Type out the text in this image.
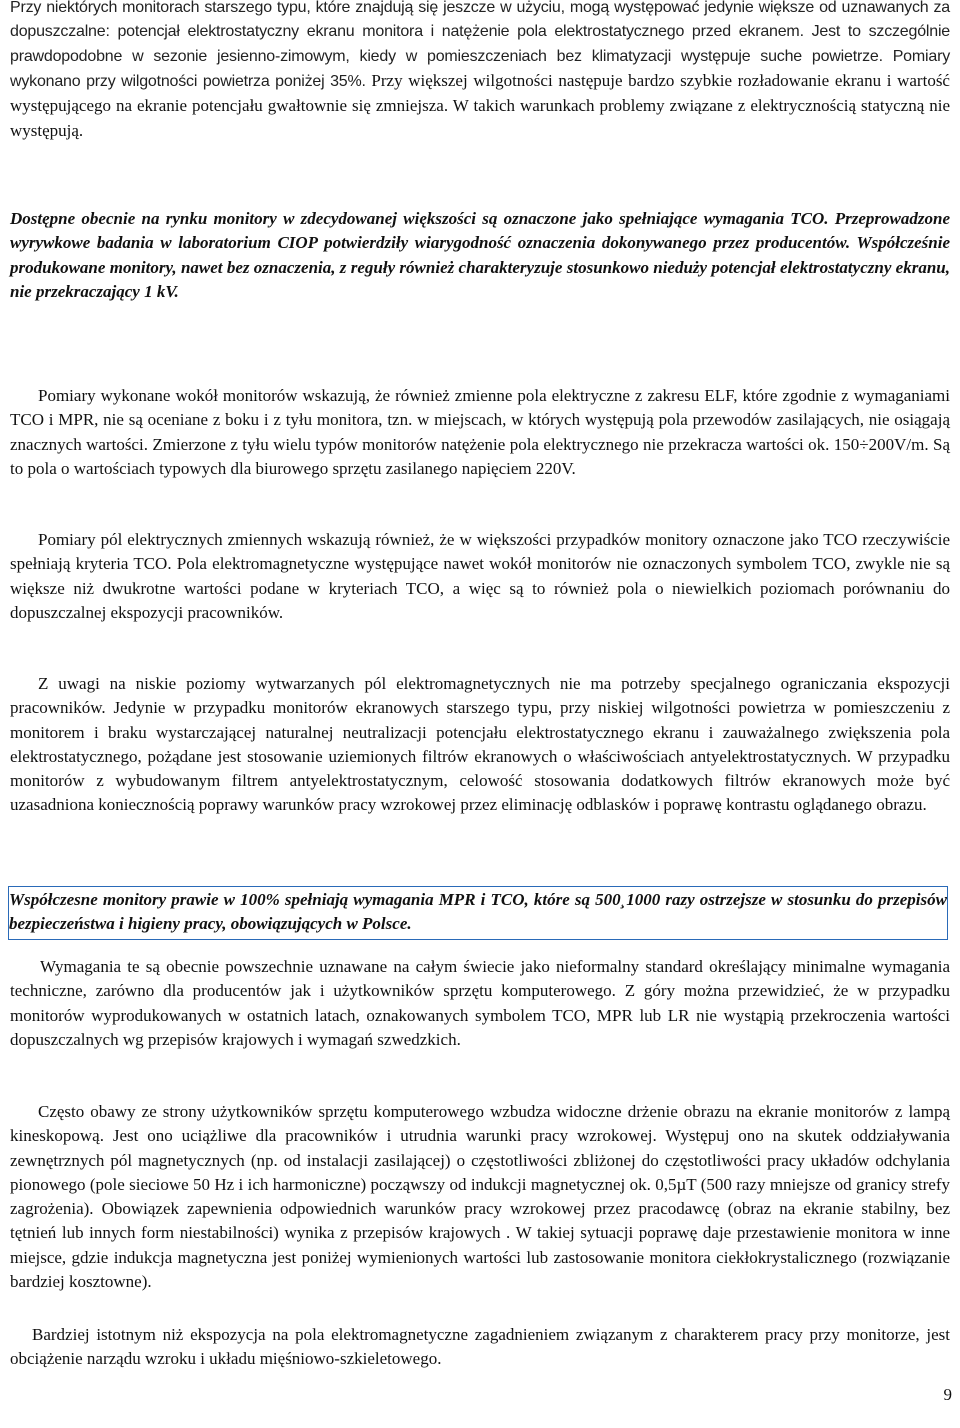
Przy niektórych monitorach starszego typu, które znajdują się jeszcze w użyciu, mogą występować jedynie większe od uznawanych za dopuszczalne: potencjał elektrostatyczny ekranu monitora i natężenie pola elektrostatycznego przed ekranem. Jest to szczególnie prawdopodobne w sezonie jesienno-zimowym, kiedy w pomieszczeniach bez klimatyzacji występuje suche powietrze. Pomiary wykonano przy wilgotności powietrza poniżej 35%. Przy większej wilgotności następuje bardzo szybkie rozładowanie ekranu i wartość występującego na ekranie potencjału gwałtownie się zmniejsza. W takich warunkach problemy związane z elektrycznością statyczną nie występują.

Dostępne obecnie na rynku monitory w zdecydowanej większości są oznaczone jako spełniające wymagania TCO. Przeprowadzone wyrywkowe badania w laboratorium CIOP potwierdziły wiarygodność oznaczenia dokonywanego przez producentów. Współcześnie produkowane monitory, nawet bez oznaczenia, z reguły również charakteryzuje stosunkowo nieduży potencjał elektrostatyczny ekranu, nie przekraczający 1 kV.

Pomiary wykonane wokół monitorów wskazują, że również zmienne pola elektryczne z zakresu ELF, które zgodnie z wymaganiami TCO i MPR, nie są oceniane z boku i z tyłu monitora, tzn. w miejscach, w których występują pola przewodów zasilających, nie osiągają znacznych wartości. Zmierzone z tyłu wielu typów monitorów natężenie pola elektrycznego nie przekracza wartości ok. 150÷200V/m. Są to pola o wartościach typowych dla biurowego sprzętu zasilanego napięciem 220V.

Pomiary pól elektrycznych zmiennych wskazują również, że w większości przypadków monitory oznaczone jako TCO rzeczywiście spełniają kryteria TCO. Pola elektromagnetyczne występujące nawet wokół monitorów nie oznaczonych symbolem TCO, zwykle nie są większe niż dwukrotne wartości podane w kryteriach TCO, a więc są to również pola o niewielkich poziomach porównaniu do dopuszczalnej ekspozycji pracowników.

Z uwagi na niskie poziomy wytwarzanych pól elektromagnetycznych nie ma potrzeby specjalnego ograniczania ekspozycji pracowników. Jedynie w przypadku monitorów ekranowych starszego typu, przy niskiej wilgotności powietrza w pomieszczeniu z monitorem i braku wystarczającej naturalnej neutralizacji potencjału elektrostatycznego ekranu i zauważalnego zwiększenia pola elektrostatycznego, pożądane jest stosowanie uziemionych filtrów ekranowych o właściwościach antyelektrostatycznych. W przypadku monitorów z wybudowanym filtrem antyelektrostatycznym, celowość stosowania dodatkowych filtrów ekranowych może być uzasadniona koniecznością poprawy warunków pracy wzrokowej przez eliminację odblasków i poprawę kontrastu oglądanego obrazu.

Współczesne monitory prawie w 100% spełniają wymagania MPR i TCO, które są 500¸1000 razy ostrzejsze w stosunku do przepisów bezpieczeństwa i higieny pracy, obowiązujących w Polsce.

Wymagania te są obecnie powszechnie uznawane na całym świecie jako nieformalny standard określający minimalne wymagania techniczne, zarówno dla producentów jak i użytkowników sprzętu komputerowego. Z góry można przewidzieć, że w przypadku monitorów wyprodukowanych w ostatnich latach, oznakowanych symbolem TCO, MPR lub LR nie wystąpią przekroczenia wartości dopuszczalnych wg przepisów krajowych i wymagań szwedzkich.

Często obawy ze strony użytkowników sprzętu komputerowego wzbudza widoczne drżenie obrazu na ekranie monitorów z lampą kineskopową. Jest ono uciążliwe dla pracowników i utrudnia warunki pracy wzrokowej. Występuj ono na skutek oddziaływania zewnętrznych pól magnetycznych (np. od instalacji zasilającej) o częstotliwości zbliżonej do częstotliwości pracy układów odchylania pionowego (pole sieciowe 50 Hz i ich harmoniczne) począwszy od indukcji magnetycznej ok. 0,5µT (500 razy mniejsze od granicy strefy zagrożenia). Obowiązek zapewnienia odpowiednich warunków pracy wzrokowej przez pracodawcę (obraz na ekranie stabilny, bez tętnień lub innych form niestabilności) wynika z przepisów krajowych . W takiej sytuacji poprawę daje przestawienie monitora w inne miejsce, gdzie indukcja magnetyczna jest poniżej wymienionych wartości lub zastosowanie monitora ciekłokrystalicznego (rozwiązanie bardziej kosztowne).

Bardziej istotnym niż ekspozycja na pola elektromagnetyczne zagadnieniem związanym z charakterem pracy przy monitorze, jest obciążenie narządu wzroku i układu mięśniowo-szkieletowego.

9
